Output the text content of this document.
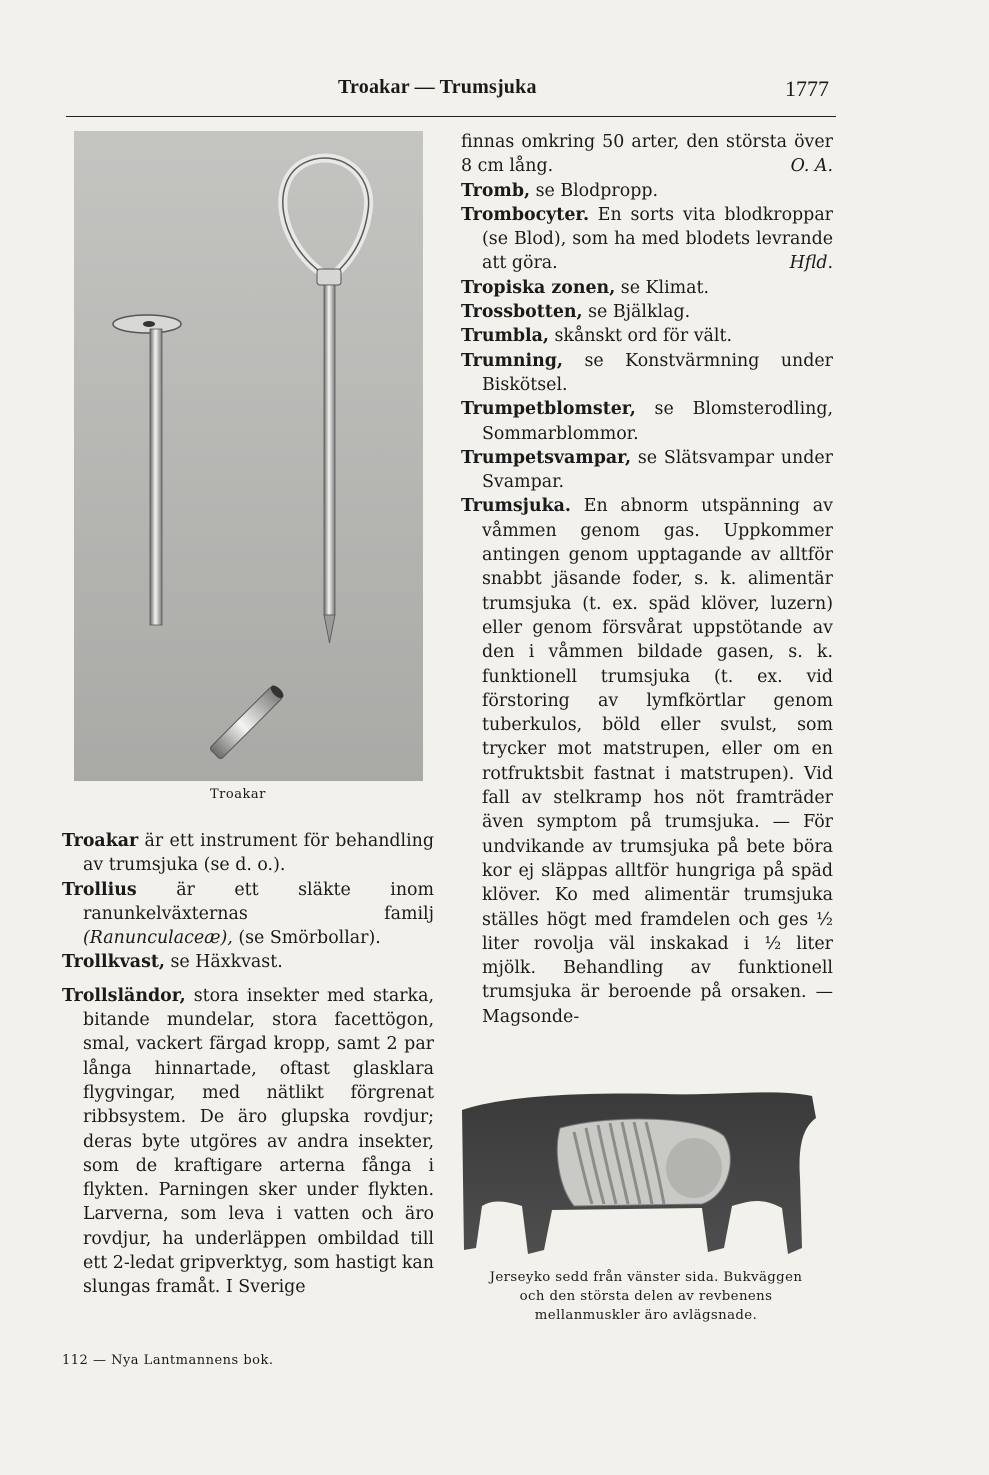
Troakar — Trumsjuka	1777
Troakar

Troakar är ett instrument för behandling av trumsjuka (se d. o.).

Trollius är ett släkte inom ranunkelväxternas familj (Ranunculaceæ), (se Smörbollar).

Trollkvast, se Häxkvast.

Trollsländor, stora insekter med starka, bitande mundelar, stora facettögon, smal, vackert färgad kropp, samt 2 par långa hinnartade, oftast glasklara flygvingar, med nätlikt förgrenat ribbsystem. De äro glupska rovdjur; deras byte utgöres av andra insekter, som de kraftigare arterna fånga i flykten. Parningen sker under flykten. Larverna, som leva i vatten och äro rovdjur, ha underläppen ombildad till ett 2-ledat gripverktyg, som hastigt kan slungas framåt. I Sverige

finnas omkring 50 arter, den största över 8 cm lång.	O. A.

Tromb, se Blodpropp.

Trombocyter. En sorts vita blodkroppar (se Blod), som ha med blodets levrande att göra.	Hfld.

Tropiska zonen, se Klimat.

Trossbotten, se Bjälklag.

Trumbla, skånskt ord för vält.

Trumning, se Konstvärmning under Biskötsel.

Trumpetblomster, se Blomsterodling, Sommarblommor.

Trumpetsvampar, se Slätsvampar under Svampar.

Trumsjuka. En abnorm utspänning av våmmen genom gas. Uppkommer antingen genom upptagande av alltför snabbt jäsande foder, s. k. alimentär trumsjuka (t. ex. späd klöver, luzern) eller genom försvårat uppstötande av den i våmmen bildade gasen, s. k. funktionell trumsjuka (t. ex. vid förstoring av lymfkörtlar genom tuberkulos, böld eller svulst, som trycker mot matstrupen, eller om en rotfruktsbit fastnat i matstrupen). Vid fall av stelkramp hos nöt framträder även symptom på trumsjuka. — För undvikande av trumsjuka på bete böra kor ej släppas alltför hungriga på späd klöver. Ko med alimentär trumsjuka ställes högt med framdelen och ges ½ liter rovolja väl inskakad i ½ liter mjölk. Behandling av funktionell trumsjuka är beroende på orsaken. — Magsonde-

Jerseyko sedd från vänster sida. Bukväggen och den största delen av revbenens mellanmuskler äro avlägsnade.
112 — Nya Lantmannens bok.
